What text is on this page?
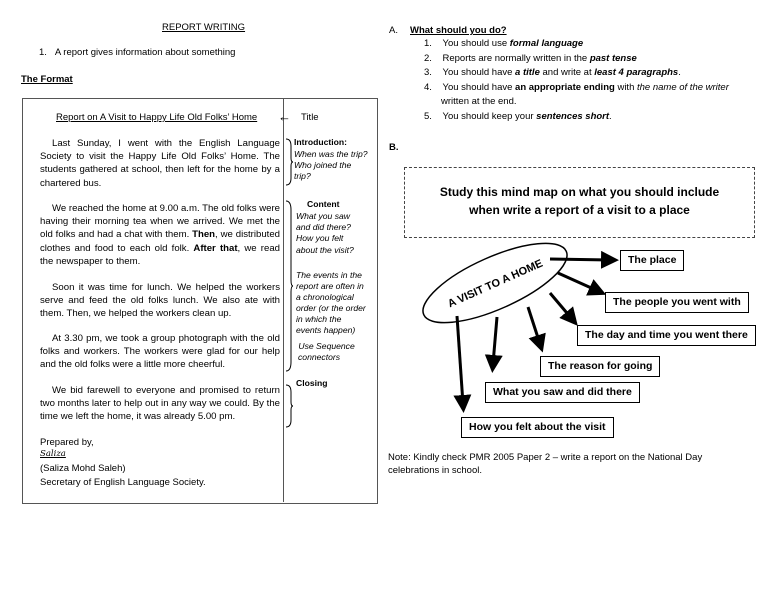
REPORT WRITING
1. A report gives information about something
The Format
Report on A Visit to Happy Life Old Folks’ Home
Last Sunday, I went with the English Language Society to visit the Happy Life Old Folks’ Home. The students gathered at school, then left for the home by a chartered bus.
We reached the home at 9.00 a.m. The old folks were having their morning tea when we arrived. We met the old folks and had a chat with them. Then, we distributed clothes and food to each old folk. After that, we read the newspaper to them.
Soon it was time for lunch. We helped the workers serve and feed the old folks lunch. We also ate with them. Then, we helped the workers clean up.
At 3.30 pm, we took a group photograph with the old folks and workers. The workers were glad for our help and the old folks were a little more cheerful.
We bid farewell to everyone and promised to return two months later to help out in any way we could. By the time we left the home, it was already 5.00 pm.
Prepared by,
Saliza
(Saliza Mohd Saleh)
Secretary of English Language Society.
← Title
Introduction:
When was the trip?
Who joined the
trip?
Content
What you saw
and did there?
How you felt
about the visit?
The events in the
report are often in
a chronological
order (or the order
in which the
events happen)
Use Sequence
connectors
Closing
A. What should you do?
1. You should use formal language
2. Reports are normally written in the past tense
3. You should have a title and write at least 4 paragraphs.
4. You should have an appropriate ending with the name of the writer
written at the end.
5. You should keep your sentences short.
B.
Study this mind map on what you should include
when write a report of a visit to a place
A VISIT TO A HOME	The place
The people you went with
The day and time you went there
The reason for going
What you saw and did there
How you felt about the visit
Note: Kindly check PMR 2005 Paper 2 – write a report on the National Day
celebrations in school.
